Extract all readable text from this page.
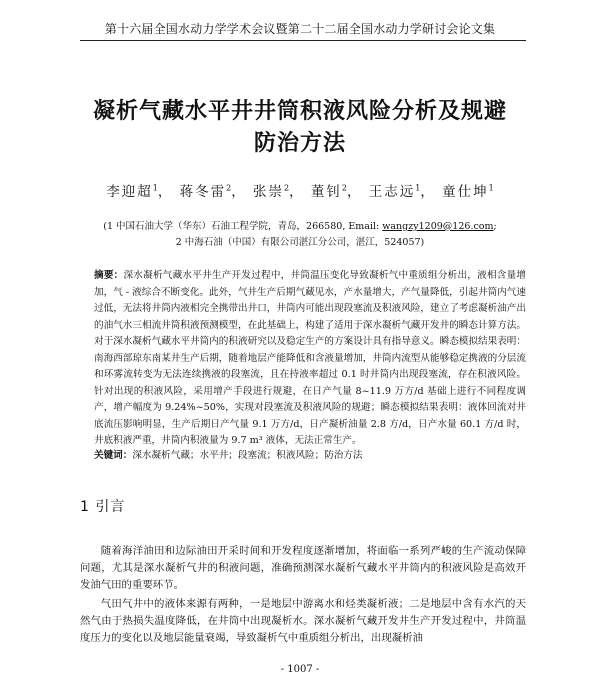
第十六届全国水动力学学术会议暨第二十二届全国水动力学研讨会论文集
凝析气藏水平井井筒积液风险分析及规避
防治方法
李迎超$^1$， 蒋冬雷$^2$， 张崇$^2$， 董钊$^2$， 王志远$^1$， 童仕坤$^1$
(1 中国石油大学（华东）石油工程学院，青岛，266580, Email: wangzy1209@126.com;
2 中海石油（中国）有限公司湛江分公司，湛江，524057)

摘要：深水凝析气藏水平井生产开发过程中，井筒温压变化导致凝析气中重质组分析出，液相含量增加，气 - 液综合不断变化。此外，气井生产后期气藏见水，产水量增大，产气量降低，引起井筒内气速过低，无法将井筒内液相完全携带出井口，井筒内可能出现段塞流及积液风险，建立了考虑凝析油产出的油气水三相流井筒积液预测模型，在此基础上，构建了适用于深水凝析气藏开发井的瞬态计算方法。对于深水凝析气藏水平井筒内的积液研究以及稳定生产的方案设计具有指导意义。瞬态模拟结果表明：南海西部琼东南某井生产后期，随着地层产能降低和含液量增加，井筒内流型从能够稳定携液的分层流和环雾流转变为无法连续携液的段塞流，且在持液率超过 0.1 时井筒内出现段塞流，存在积液风险。针对出现的积液风险，采用增产手段进行规避，在日产气量 8~11.9 万方/d 基础上进行不同程度调产，增产幅度为 9.24%~50%，实现对段塞流及积液风险的规避；瞬态模拟结果表明：液体回流对井底流压影响明显，生产后期日产气量 9.1 万方/d，日产凝析油量 2.8 方/d，日产水量 60.1 方/d 时，井底积液严重，井筒内积液量为 9.7 m³ 液体，无法正常生产。

关键词：深水凝析气藏；水平井；段塞流；积液风险；防治方法

1 引言

随着海洋油田和边际油田开采时间和开发程度逐渐增加，将面临一系列严峻的生产流动保障问题，尤其是深水凝析气井的积液问题，准确预测深水凝析气藏水平井筒内的积液风险是高效开发油气田的重要环节。

气田气井中的液体来源有两种，一是地层中游离水和烃类凝析液；二是地层中含有水汽的天然气由于热损失温度降低，在井筒中出现凝析水。深水凝析气藏开发井生产开发过程中，井筒温度压力的变化以及地层能量衰竭，导致凝析气中重质组分析出，出现凝析油

- 1007 -
